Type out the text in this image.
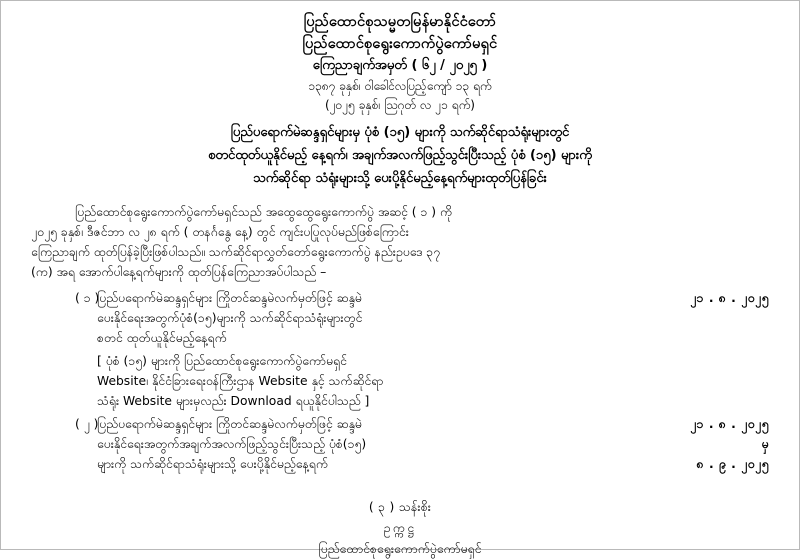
ပြည်ထောင်စုသမ္မတမြန်မာနိုင်ငံတော်
ပြည်ထောင်စုရွေးကောက်ပွဲကော်မရှင်
ကြေညာချက်အမှတ် ( ၆၂ / ၂၀၂၅ )
၁၃၈၇ ခုနှစ်၊ ဝါခေါင်လပြည့်ကျော် ၁၃ ရက်
(၂၀၂၅ ခုနှစ်၊ ဩဂုတ် လ ၂၁ ရက်)
ပြည်ပရောက်မဲဆန္ဒရှင်များမှ ပုံစံ (၁၅) များကို သက်ဆိုင်ရာသံရုံးများတွင်
စတင်ထုတ်ယူနိုင်မည့် နေ့ရက်၊ အချက်အလက်ဖြည့်သွင်းပြီးသည့် ပုံစံ (၁၅) များကို
သက်ဆိုင်ရာ သံရုံးများသို့ ပေးပို့နိုင်မည့်နေ့ရက်များထုတ်ပြန်ခြင်း
ပြည်ထောင်စုရွေးကောက်ပွဲကော်မရှင်သည် အထွေထွေရွေးကောက်ပွဲ အဆင့် ( ၁ ) ကို
၂၀၂၅ ခုနှစ်၊ ဒီဇင်ဘာ လ ၂၈ ရက် ( တနင်္ဂနွေ နေ့) တွင် ကျင်းပပြုလုပ်မည်ဖြစ်ကြောင်း
ကြေညာချက် ထုတ်ပြန်ခဲ့ပြီးဖြစ်ပါသည်။ သက်ဆိုင်ရာလွှတ်တော်ရွေးကောက်ပွဲ နည်းဥပဒေ ၃၇
(က) အရ အောက်ပါနေ့ရက်များကို ထုတ်ပြန်ကြေညာအပ်ပါသည် –
( ၁ )
ပြည်ပရောက်မဲဆန္ဒရှင်များ ကြိုတင်ဆန္ဒမဲလက်မှတ်ဖြင့် ဆန္ဒမဲ	၂၁ . ၈ . ၂၀၂၅
ပေးနိုင်ရေးအတွက်ပုံစံ(၁၅)များကို သက်ဆိုင်ရာသံရုံးများတွင်
စတင် ထုတ်ယူနိုင်မည့်နေ့ရက်
[ ပုံစံ (၁၅) များကို ပြည်ထောင်စုရွေးကောက်ပွဲကော်မရှင်
Website၊ နိုင်ငံခြားရေးဝန်ကြီးဌာန Website နှင့် သက်ဆိုင်ရာ
သံရုံး Website များမှလည်း Download ရယူနိုင်ပါသည် ]
( ၂ )
ပြည်ပရောက်မဲဆန္ဒရှင်များ ကြိုတင်ဆန္ဒမဲလက်မှတ်ဖြင့် ဆန္ဒမဲ	၂၁ . ၈ . ၂၀၂၅
ပေးနိုင်ရေးအတွက်အချက်အလက်ဖြည့်သွင်းပြီးသည့် ပုံစံ(၁၅)	မှ
များကို သက်ဆိုင်ရာသံရုံးများသို့ ပေးပို့နိုင်မည့်နေ့ရက်	၈ . ၉ . ၂၀၂၅
( ၃ ) သန်းစိုး
ဥက္ကဋ္ဌ
ပြည်ထောင်စုရွေးကောက်ပွဲကော်မရှင်
